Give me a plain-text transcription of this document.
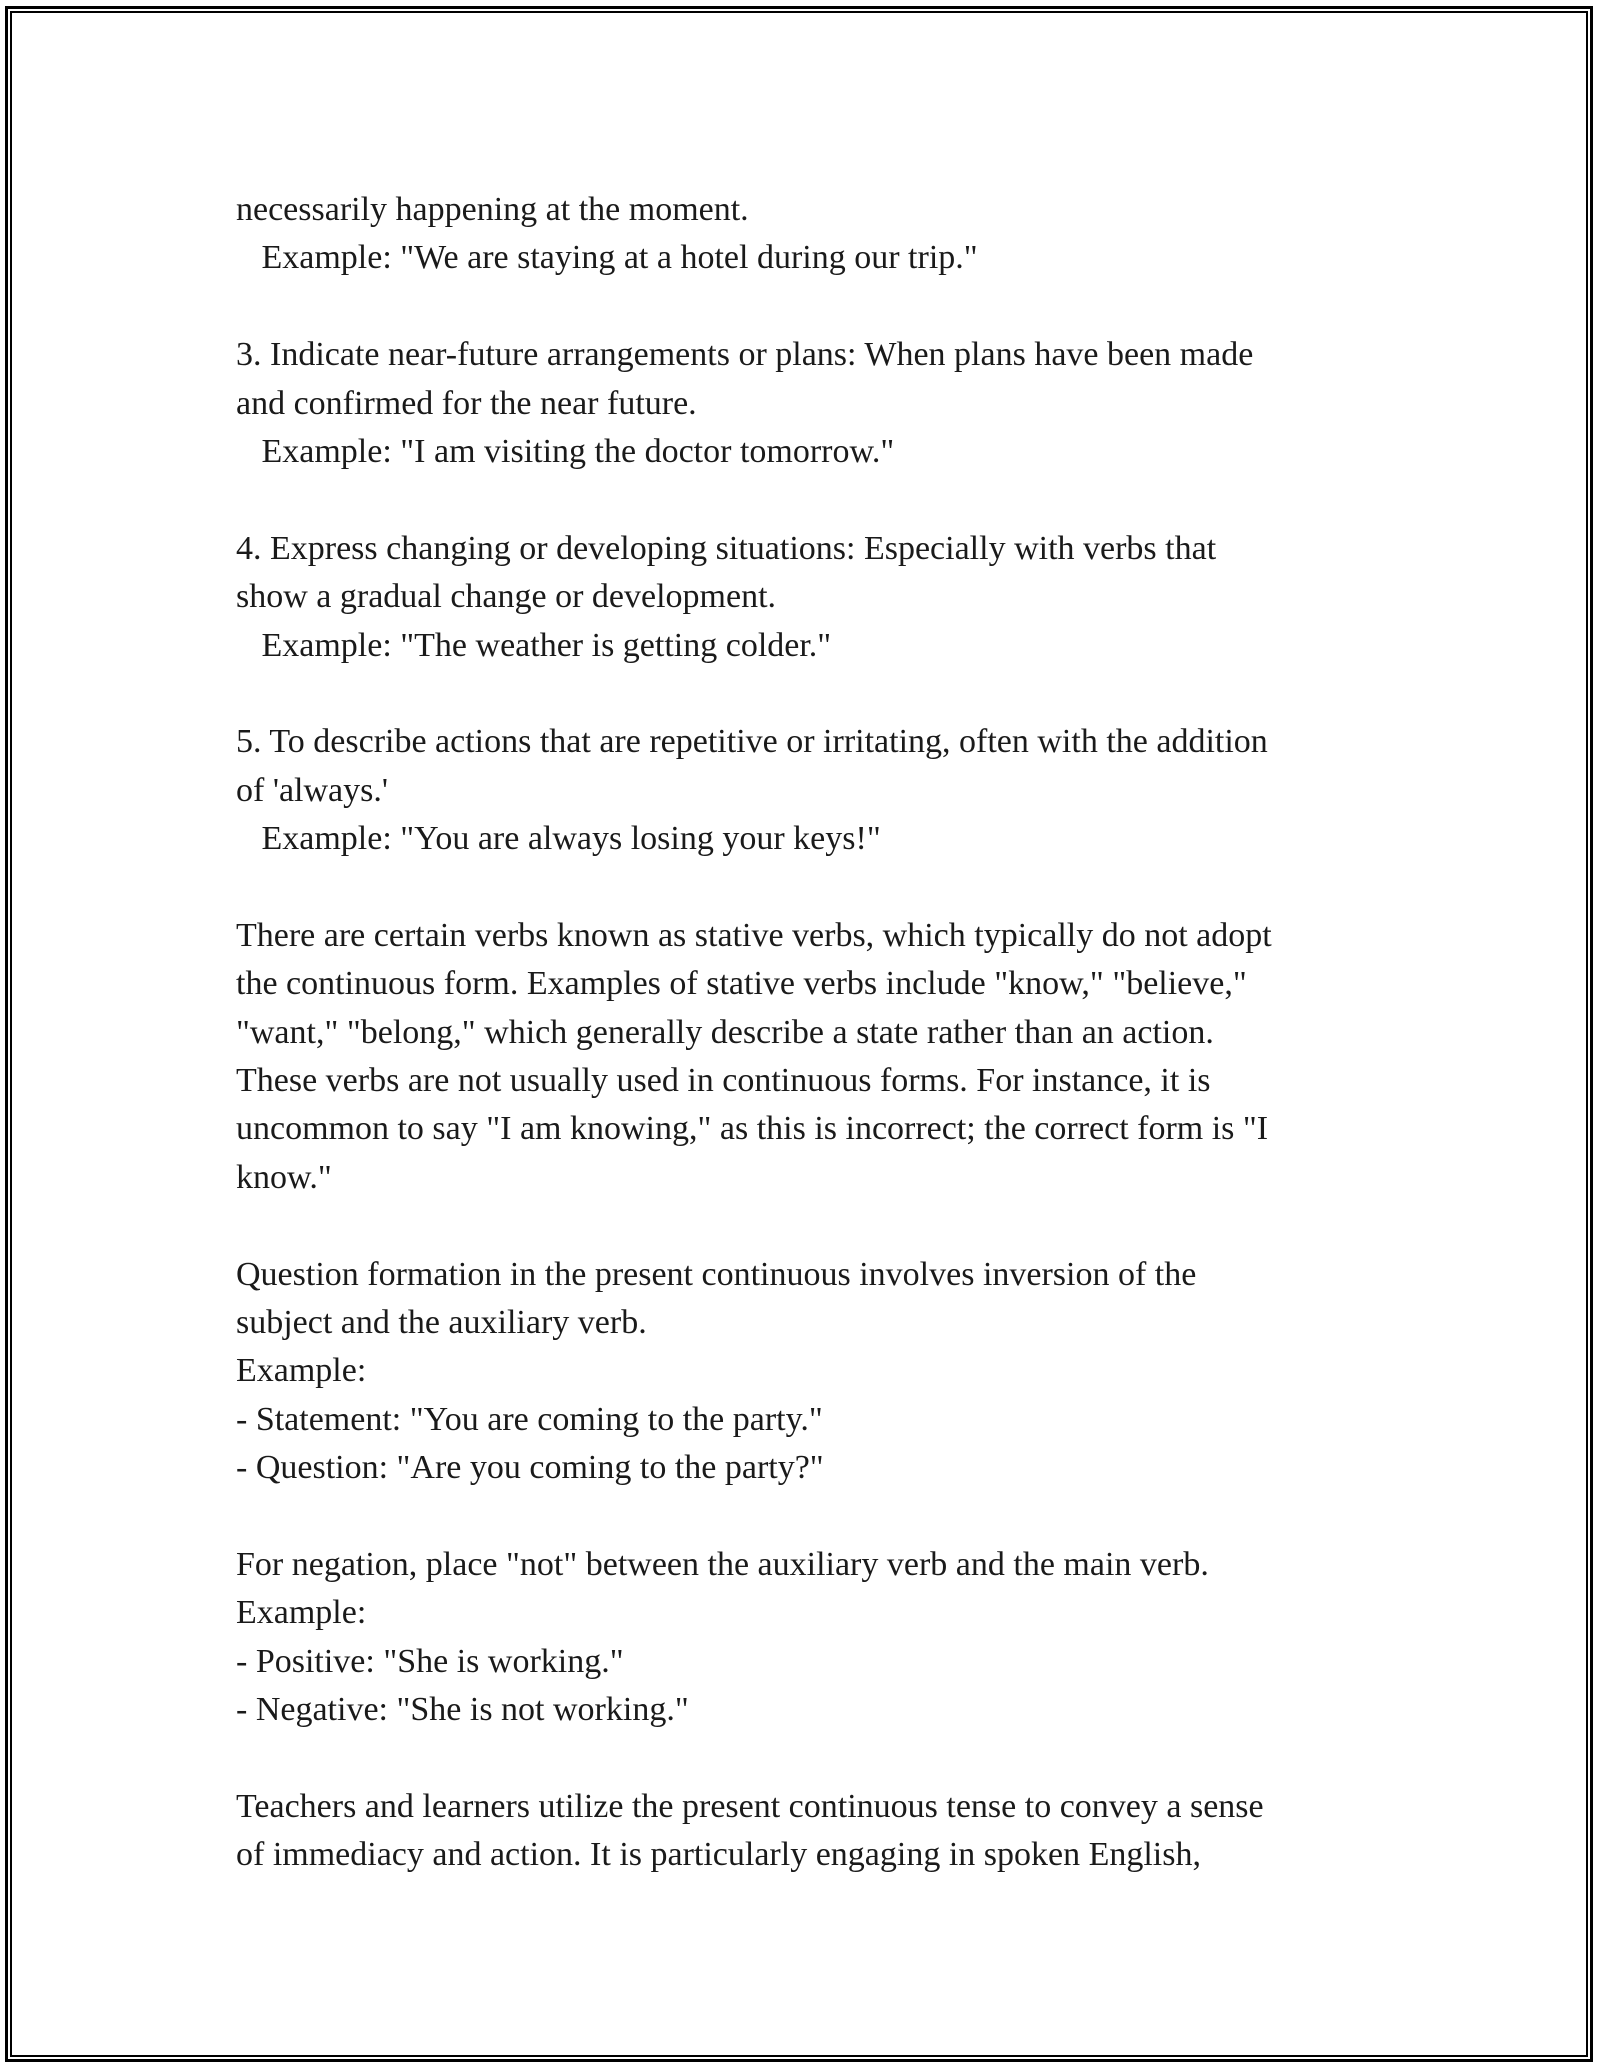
necessarily happening at the moment.
Example: "We are staying at a hotel during our trip."
3. Indicate near-future arrangements or plans: When plans have been made
and confirmed for the near future.
Example: "I am visiting the doctor tomorrow."
4. Express changing or developing situations: Especially with verbs that
show a gradual change or development.
Example: "The weather is getting colder."
5. To describe actions that are repetitive or irritating, often with the addition
of 'always.'
Example: "You are always losing your keys!"
There are certain verbs known as stative verbs, which typically do not adopt
the continuous form. Examples of stative verbs include "know," "believe,"
"want," "belong," which generally describe a state rather than an action.
These verbs are not usually used in continuous forms. For instance, it is
uncommon to say "I am knowing," as this is incorrect; the correct form is "I
know."
Question formation in the present continuous involves inversion of the
subject and the auxiliary verb.
Example:
- Statement: "You are coming to the party."
- Question: "Are you coming to the party?"
For negation, place "not" between the auxiliary verb and the main verb.
Example:
- Positive: "She is working."
- Negative: "She is not working."
Teachers and learners utilize the present continuous tense to convey a sense
of immediacy and action. It is particularly engaging in spoken English,
